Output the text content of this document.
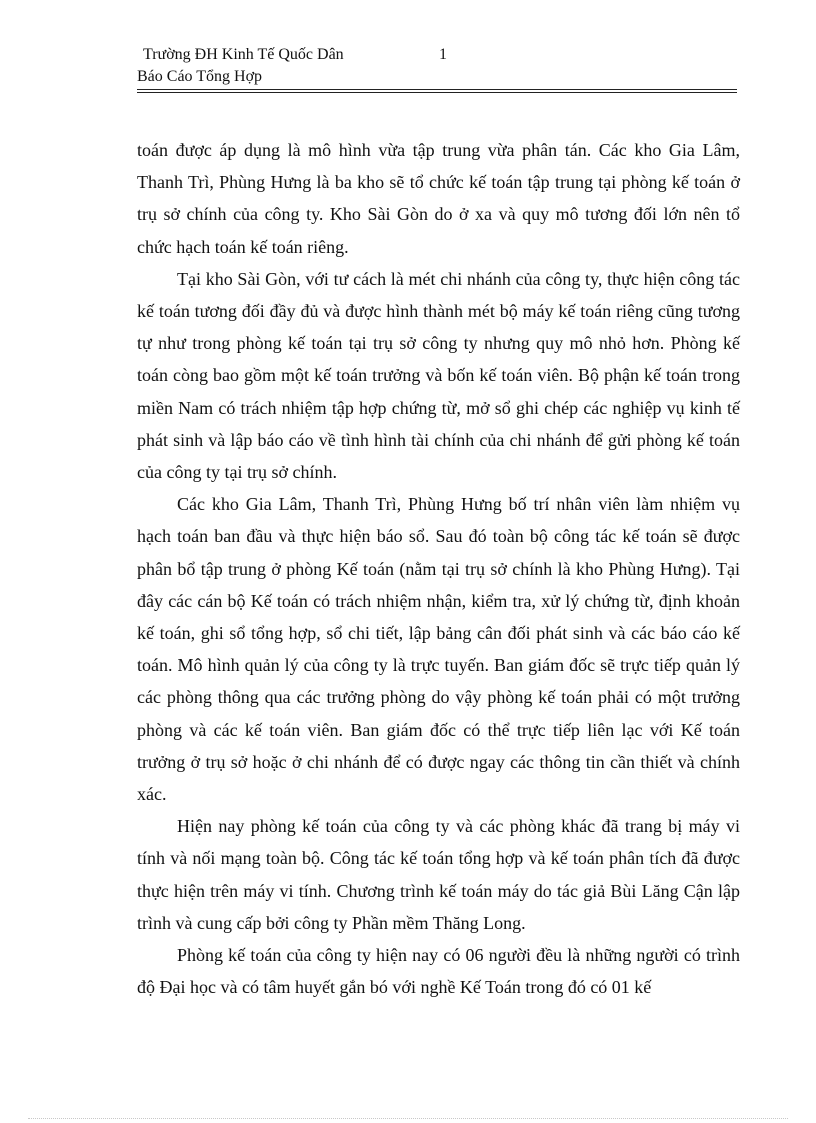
Trường ĐH Kinh Tế Quốc Dân	1
Báo Cáo Tổng Hợp

toán được áp dụng là mô hình vừa tập trung vừa phân tán. Các kho Gia Lâm, Thanh Trì, Phùng Hưng là ba kho sẽ tổ chức kế toán tập trung tại phòng kế toán ở trụ sở chính của công ty. Kho Sài Gòn do ở xa và quy mô tương đối lớn nên tổ chức hạch toán kế toán riêng.

Tại kho Sài Gòn, với tư cách là mét chi nhánh của công ty, thực hiện công tác kế toán tương đối đầy đủ và được hình thành mét bộ máy kế toán riêng cũng tương tự như trong phòng kế toán tại trụ sở công ty nhưng quy mô nhỏ hơn. Phòng kế toán còng bao gồm một kế toán trưởng và bốn kế toán viên. Bộ phận kế toán trong miền Nam có trách nhiệm tập hợp chứng từ, mở sổ ghi chép các nghiệp vụ kinh tế phát sinh và lập báo cáo về tình hình tài chính của chi nhánh để gửi phòng kế toán của công ty tại trụ sở chính.

Các kho Gia Lâm, Thanh Trì, Phùng Hưng bố trí nhân viên làm nhiệm vụ hạch toán ban đầu và thực hiện báo sổ. Sau đó toàn bộ công tác kế toán sẽ được phân bổ tập trung ở phòng Kế toán (nằm tại trụ sở chính là kho Phùng Hưng). Tại đây các cán bộ Kế toán có trách nhiệm nhận, kiểm tra, xử lý chứng từ, định khoản kế toán, ghi sổ tổng hợp, sổ chi tiết, lập bảng cân đối phát sinh và các báo cáo kế toán. Mô hình quản lý của công ty là trực tuyến. Ban giám đốc sẽ trực tiếp quản lý các phòng thông qua các trưởng phòng do vậy phòng kế toán phải có một trưởng phòng và các kế toán viên. Ban giám đốc có thể trực tiếp liên lạc với Kế toán trưởng ở trụ sở hoặc ở chi nhánh để có được ngay các thông tin cần thiết và chính xác.

Hiện nay phòng kế toán của công ty và các phòng khác đã trang bị máy vi tính và nối mạng toàn bộ. Công tác kế toán tổng hợp và kế toán phân tích đã được thực hiện trên máy vi tính. Chương trình kế toán máy do tác giả Bùi Lăng Cận lập trình và cung cấp bởi công ty Phần mềm Thăng Long.

Phòng kế toán của công ty hiện nay có 06 người đều là những người có trình độ Đại học và có tâm huyết gắn bó với nghề Kế Toán trong đó có 01 kế
